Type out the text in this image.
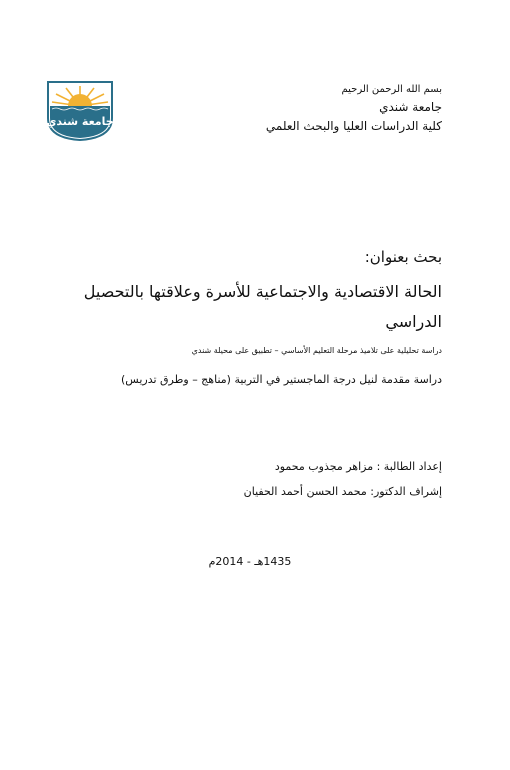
جامعة شندي
بسم الله الرحمن الرحيم
جامعة شندي
كلية الدراسات العليا والبحث العلمي
بحث بعنوان:
الحالة الاقتصادية والاجتماعية للأسرة وعلاقتها بالتحصيل
الدراسي
دراسة تحليلية على تلاميذ مرحلة التعليم الأساسي – تطبيق على محيلة شندي
دراسة مقدمة لنيل درجة الماجستير في التربية (مناهج – وطرق تدريس)
إعداد الطالبة : مزاهر مجذوب محمود
إشراف الدكتور: محمد الحسن أحمد الحفيان
1435هـ - 2014م
